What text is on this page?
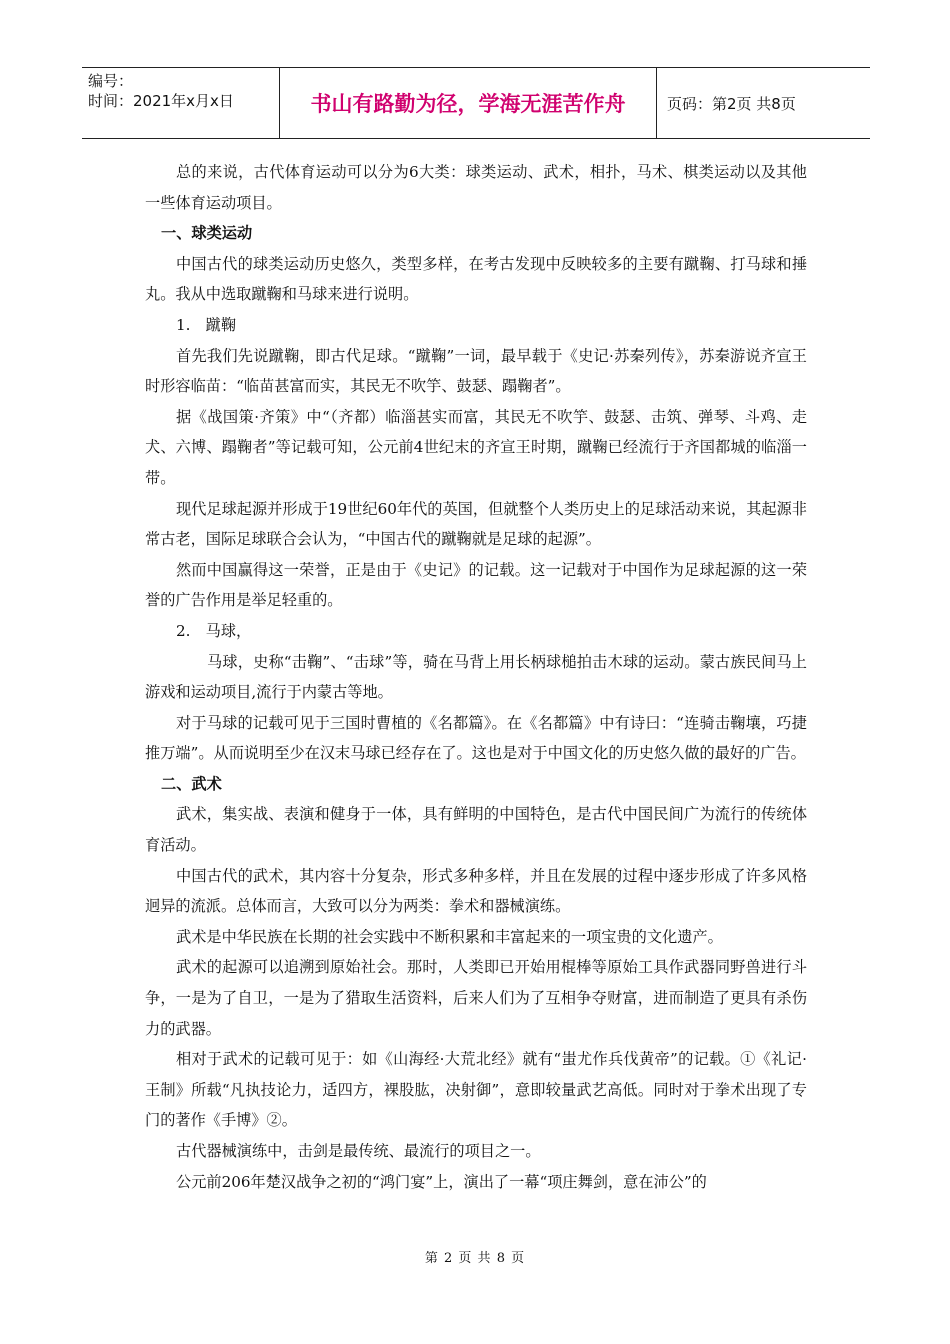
编号：
时间：2021年x月x日	书山有路勤为径，学海无涯苦作舟	页码：第2页 共8页

总的来说，古代体育运动可以分为6大类：球类运动、武术，相扑，马术、棋类运动以及其他一些体育运动项目。

一、球类运动

中国古代的球类运动历史悠久，类型多样，在考古发现中反映较多的主要有蹴鞠、打马球和捶丸。我从中选取蹴鞠和马球来进行说明。

1.　蹴鞠

首先我们先说蹴鞠，即古代足球。“蹴鞠”一词，最早载于《史记·苏秦列传》，苏秦游说齐宣王时形容临苗：“临苗甚富而实，其民无不吹竽、鼓瑟、蹋鞠者”。

据《战国策·齐策》中“（齐都）临淄甚实而富，其民无不吹竽、鼓瑟、击筑、弹琴、斗鸡、走犬、六博、蹋鞠者”等记载可知，公元前4世纪末的齐宣王时期，蹴鞠已经流行于齐国都城的临淄一带。

现代足球起源并形成于19世纪60年代的英国，但就整个人类历史上的足球活动来说，其起源非常古老，国际足球联合会认为，“中国古代的蹴鞠就是足球的起源”。

然而中国赢得这一荣誉，正是由于《史记》的记载。这一记载对于中国作为足球起源的这一荣誉的广告作用是举足轻重的。

2.　马球，

马球，史称“击鞠”、“击球”等，骑在马背上用长柄球槌拍击木球的运动。蒙古族民间马上游戏和运动项目,流行于内蒙古等地。

对于马球的记载可见于三国时曹植的《名都篇》。在《名都篇》中有诗曰：“连骑击鞠壤，巧捷推万端”。从而说明至少在汉末马球已经存在了。这也是对于中国文化的历史悠久做的最好的广告。

二、武术

武术，集实战、表演和健身于一体，具有鲜明的中国特色，是古代中国民间广为流行的传统体育活动。

中国古代的武术，其内容十分复杂，形式多种多样，并且在发展的过程中逐步形成了许多风格迥异的流派。总体而言，大致可以分为两类：拳术和器械演练。

武术是中华民族在长期的社会实践中不断积累和丰富起来的一项宝贵的文化遗产。

武术的起源可以追溯到原始社会。那时，人类即已开始用棍棒等原始工具作武器同野兽进行斗争，一是为了自卫，一是为了猎取生活资料，后来人们为了互相争夺财富，进而制造了更具有杀伤力的武器。

相对于武术的记载可见于：如《山海经·大荒北经》就有“蚩尤作兵伐黄帝”的记载。①《礼记·王制》所载“凡执技论力，适四方，裸股肱，决射御”，意即较量武艺高低。同时对于拳术出现了专门的著作《手博》②。

古代器械演练中，击剑是最传统、最流行的项目之一。

公元前206年楚汉战争之初的“鸿门宴”上，演出了一幕“项庄舞剑，意在沛公”的

第 2 页 共 8 页
